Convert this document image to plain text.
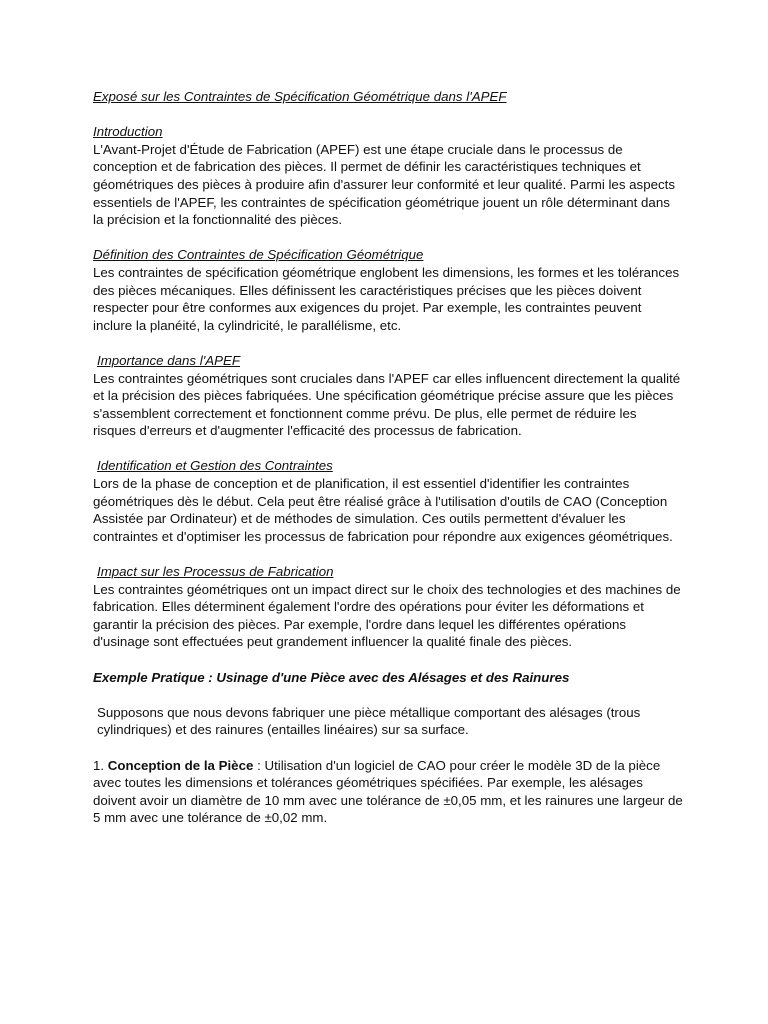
Exposé sur les Contraintes de Spécification Géométrique dans l'APEF

Introduction

L'Avant-Projet d'Étude de Fabrication (APEF) est une étape cruciale dans le processus de conception et de fabrication des pièces. Il permet de définir les caractéristiques techniques et géométriques des pièces à produire afin d'assurer leur conformité et leur qualité. Parmi les aspects essentiels de l'APEF, les contraintes de spécification géométrique jouent un rôle déterminant dans la précision et la fonctionnalité des pièces.

Définition des Contraintes de Spécification Géométrique

Les contraintes de spécification géométrique englobent les dimensions, les formes et les tolérances des pièces mécaniques. Elles définissent les caractéristiques précises que les pièces doivent respecter pour être conformes aux exigences du projet. Par exemple, les contraintes peuvent inclure la planéité, la cylindricité, le parallélisme, etc.

Importance dans l'APEF

Les contraintes géométriques sont cruciales dans l'APEF car elles influencent directement la qualité et la précision des pièces fabriquées. Une spécification géométrique précise assure que les pièces s'assemblent correctement et fonctionnent comme prévu. De plus, elle permet de réduire les risques d'erreurs et d'augmenter l'efficacité des processus de fabrication.

Identification et Gestion des Contraintes

Lors de la phase de conception et de planification, il est essentiel d'identifier les contraintes géométriques dès le début. Cela peut être réalisé grâce à l'utilisation d'outils de CAO (Conception Assistée par Ordinateur) et de méthodes de simulation. Ces outils permettent d'évaluer les contraintes et d'optimiser les processus de fabrication pour répondre aux exigences géométriques.

Impact sur les Processus de Fabrication

Les contraintes géométriques ont un impact direct sur le choix des technologies et des machines de fabrication. Elles déterminent également l'ordre des opérations pour éviter les déformations et garantir la précision des pièces. Par exemple, l'ordre dans lequel les différentes opérations d'usinage sont effectuées peut grandement influencer la qualité finale des pièces.

Exemple Pratique : Usinage d'une Pièce avec des Alésages et des Rainures

Supposons que nous devons fabriquer une pièce métallique comportant des alésages (trous cylindriques) et des rainures (entailles linéaires) sur sa surface.

1. Conception de la Pièce : Utilisation d'un logiciel de CAO pour créer le modèle 3D de la pièce avec toutes les dimensions et tolérances géométriques spécifiées. Par exemple, les alésages doivent avoir un diamètre de 10 mm avec une tolérance de ±0,05 mm, et les rainures une largeur de 5 mm avec une tolérance de ±0,02 mm.
